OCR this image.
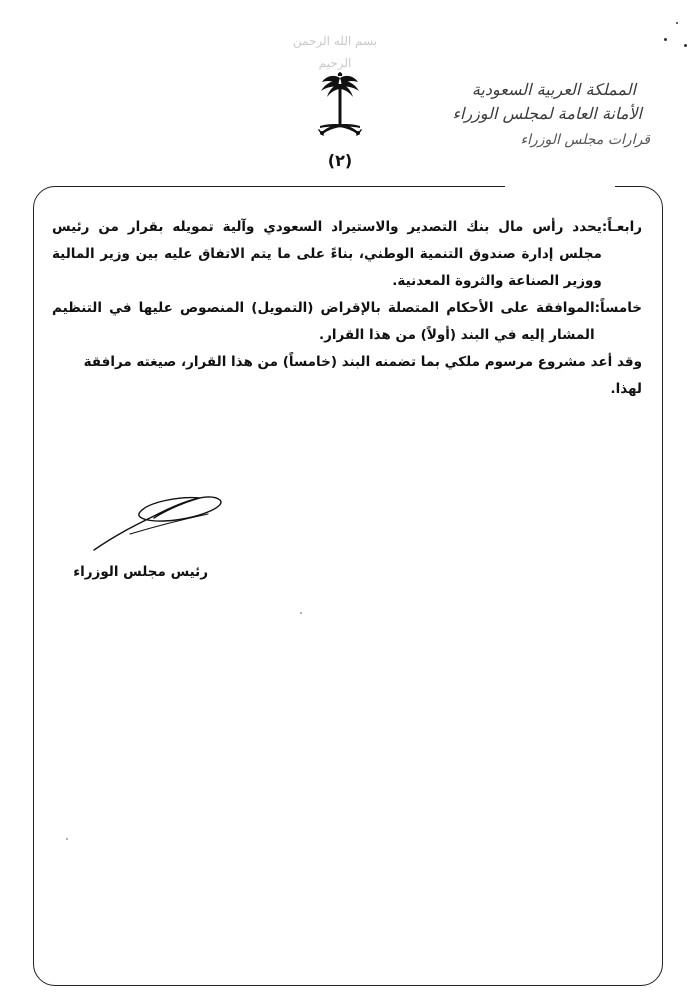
بسم الله الرحمن الرحيم
(٢)
المملكة العربية السعودية
الأمانة العامة لمجلس الوزراء
قرارات مجلس الوزراء
رابعـاً:
يحدد رأس مال بنك التصدير والاستيراد السعودي وآلية تمويله بقرار من رئيس مجلس إدارة صندوق التنمية الوطني، بناءً على ما يتم الاتفاق عليه بين وزير المالية ووزير الصناعة والثروة المعدنية.
خامساً:
الموافقة على الأحكام المتصلة بالإقراض (التمويل) المنصوص عليها في التنظيم المشار إليه في البند (أولاً) من هذا القرار.
وقد أعد مشروع مرسوم ملكي بما تضمنه البند (خامساً) من هذا القرار، صيغته مرافقة لهذا.
رئيس مجلس الوزراء
